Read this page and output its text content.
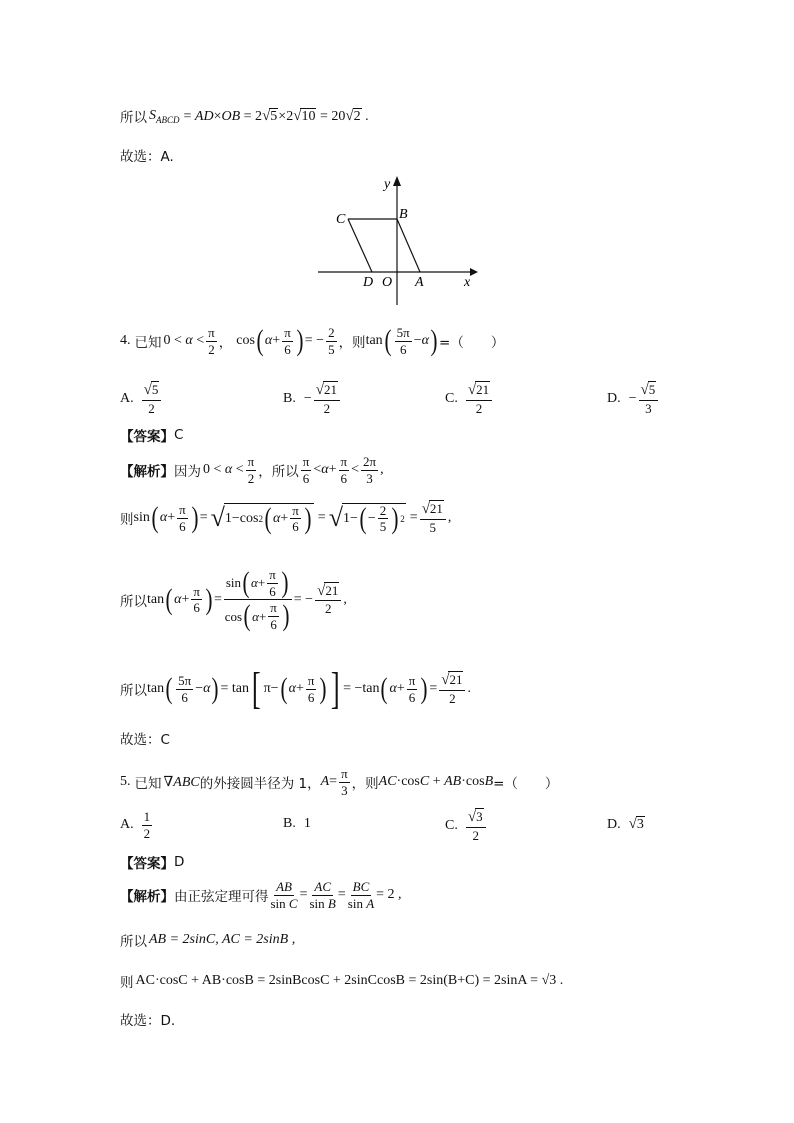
所以 $S_{ABCD} = AD\times OB = 2√5\times 2√10 = 20√2$ .
故选：A.
y
x
C	B
D O A
4. 已知 $0 < \alpha < \frac{\pi}{2}$ ， cos ( $\alpha + \frac{\pi}{6}$ ) = − $\frac{2}{5}$ ，则 tan ( $\frac{5\pi}{6} - \alpha$ ) =（　　）
A. $\frac{√5}{2}$	B. − $\frac{√21}{2}$	C. $\frac{√21}{2}$	D. − $\frac{√5}{3}$
【答案】 C
【解析】 因为 $0 < \alpha < \frac{\pi}{2}$ ，所以 $\frac{\pi}{6} < \alpha + \frac{\pi}{6} < \frac{2\pi}{3}$ ,
则 sin ( $\alpha + \frac{\pi}{6}$ ) = √ 1−cos 2 ( $\alpha + \frac{\pi}{6}$ ) = √ 1− ( − $\frac{2}{5}$ ) $2 = \frac{√21}{5}$ ,
所以 tan ( $\alpha + \frac{\pi}{6}$ ) = $\frac{\sin ( \alpha + \frac{\pi}{6} )}{\cos ( \alpha + \frac{\pi}{6} )}$ = − $\frac{√21}{2}$ ,
所以 tan ( $\frac{5\pi}{6} - \alpha$ ) = tan [ π− ( $\alpha + \frac{\pi}{6}$ ) ] = −tan ( $\alpha + \frac{\pi}{6}$ ) = $\frac{√21}{2}$ .
故选：C
5. 已知 ∇ABC 的外接圆半径为 1， $A = \frac{\pi}{3}$ ，则 AC·cosC + AB·cosB =（　　）
A. $\frac{1}{2}$	B. 1	C. $\frac{√3}{2}$	D. √3
【答案】 D
【解析】 由正弦定理可得 $\frac{AB}{\text{sin C}} = \frac{AC}{\text{sin B}} = \frac{BC}{\text{sin A}} = 2$ ,
所以 AB = 2sinC, AC = 2sinB ,
则 AC·cosC + AB·cosB = 2sinBcosC + 2sinCcosB = 2sin(B+C) = 2sinA = √3 .
故选：D.
